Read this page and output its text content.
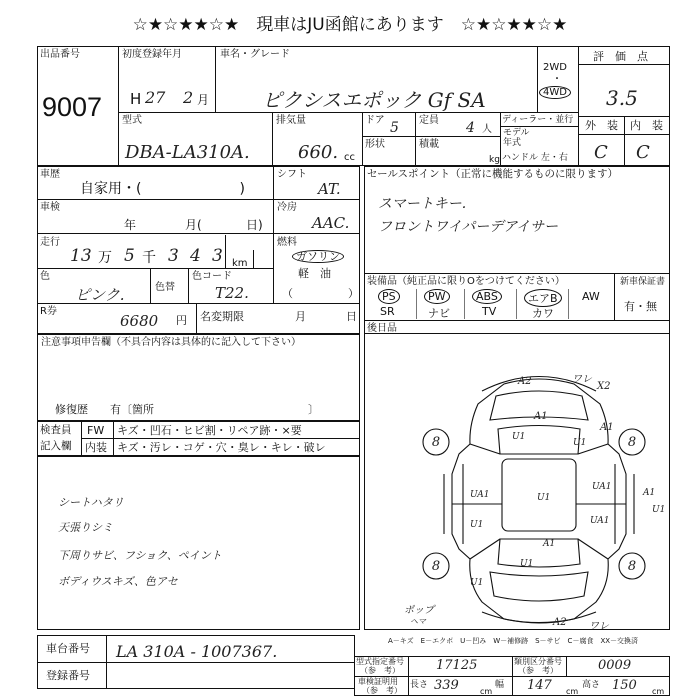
☆★☆★★☆★　現車はJU函館にあります　☆★☆★★☆★
出品番号
9007
初度登録年月
H 27 2 月
車名・グレード
ピクシスエポック Gf SA
2WD
・
4WD
評　価　点
3.5
外　装 内　装
C C
型式
DBA-LA310A.
排気量
660. cc
ドア 5 定員 4 人
ディーラー・並行
モデル
年式
形状	積載
kg ハンドル 左・右
車歴
自家用・(　　　　　　　)
シフト
AT.
車検
年	月(	日)
冷房
AAC.
走行
13 万 5 千 3 4 3 km
燃料
ガソリン
軽　油
（　　　　　）
色
ピンク.	色替
色コード
T22.
R券
6680 円 名変期限	月	日
セールスポイント（正常に機能するものに限ります）
スマートキー.
フロントワイパーデアイサー
装備品（純正品に限りOをつけてください）
PS	PW	ABS	エアB	AW
SR	ナビ	TV	カワ
新車保証書
有・無
後日品
注意事項申告欄（不具合内容は具体的に記入して下さい）
修復歴　　有〔箇所　　　　　　　　　　　　　　〕
検査員
記入欄
FW キズ・凹石・ヒビ割・リペア跡・×要
内装 キズ・汚レ・コゲ・穴・臭レ・キレ・破レ
シートハタリ
天張りシミ
下周りサビ、フショク、ペイント
ボディウスキズ、色アセ
8
8
8
8
A2	ワレ
X2
A1
A1
U1
U1
UA1	U1	A1
UA1
U1
U1	UA1
A1
U1
U1
A2 ワレ
ポップ
ヘマ
A－キズ　E－エクボ　U－凹み　W－補修跡　S－サビ　C－腐食　XX－交換済
車台番号 LA 310A - 1007367.
登録番号
型式指定番号
（参　考）	17125	類別区分番号
（参　考）	0009
車検証明用
（参　考）
長さ 339	cm
幅 147 cm
高さ 150 cm
